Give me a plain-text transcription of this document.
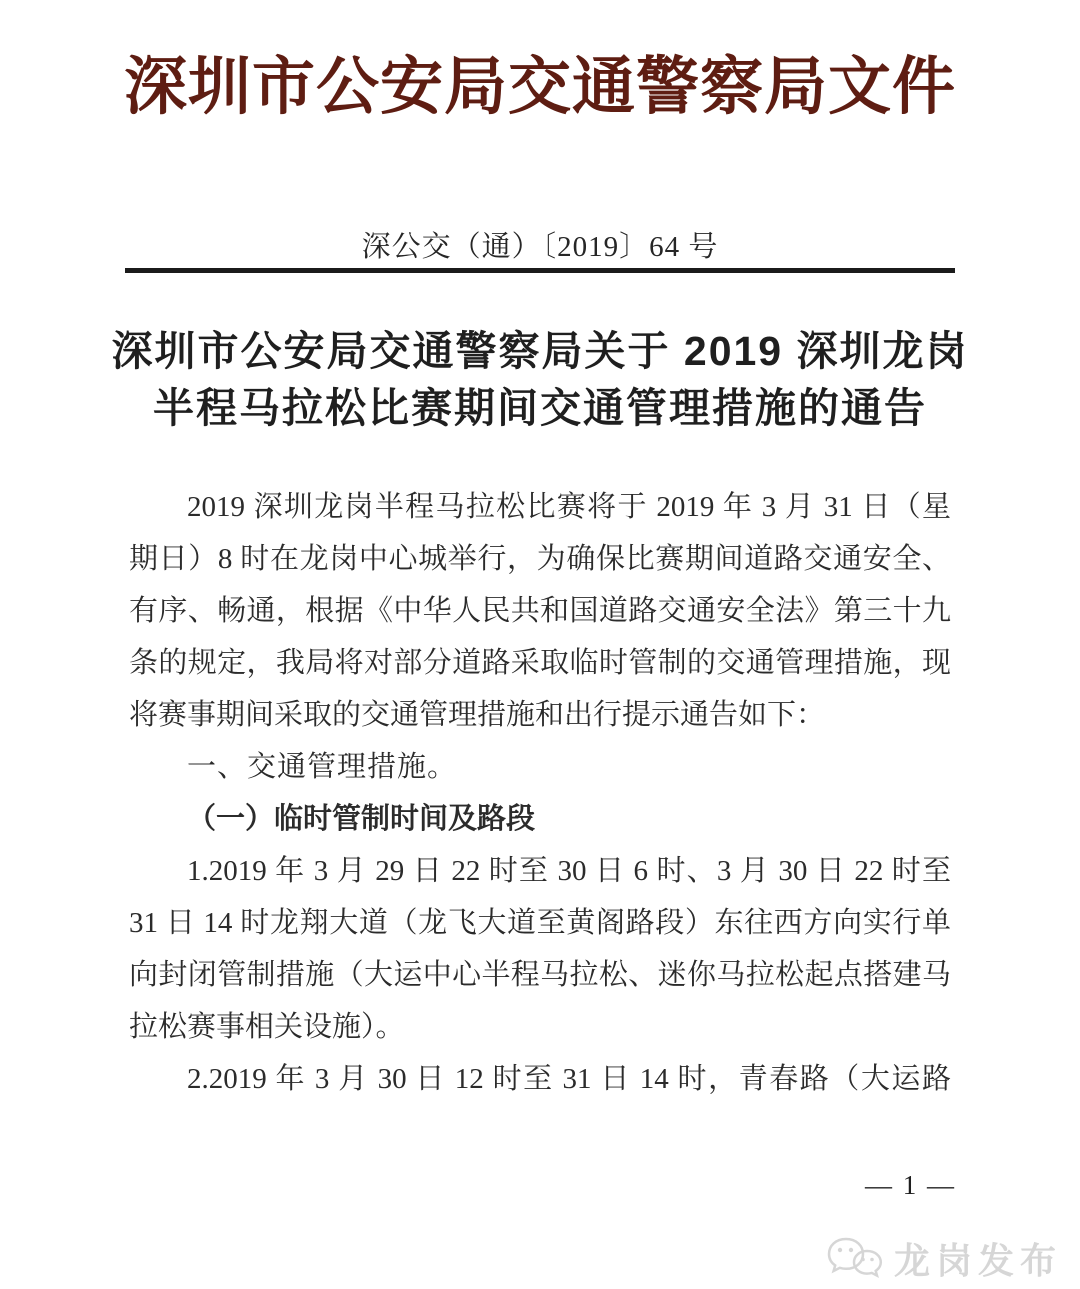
深圳市公安局交通警察局文件
深公交（通）〔2019〕64 号
深圳市公安局交通警察局关于 2019 深圳龙岗
半程马拉松比赛期间交通管理措施的通告
2019 深圳龙岗半程马拉松比赛将于 2019 年 3 月 31 日（星
期日）8 时在龙岗中心城举行，为确保比赛期间道路交通安全、
有序、畅通，根据《中华人民共和国道路交通安全法》第三十九
条的规定，我局将对部分道路采取临时管制的交通管理措施，现
将赛事期间采取的交通管理措施和出行提示通告如下：
一、交通管理措施。
（一）临时管制时间及路段
1.2019 年 3 月 29 日 22 时至 30 日 6 时、3 月 30 日 22 时至
31 日 14 时龙翔大道（龙飞大道至黄阁路段）东往西方向实行单
向封闭管制措施（大运中心半程马拉松、迷你马拉松起点搭建马
拉松赛事相关设施）。
2.2019 年 3 月 30 日 12 时至 31 日 14 时，青春路（大运路
— 1 —
龙岗发布
